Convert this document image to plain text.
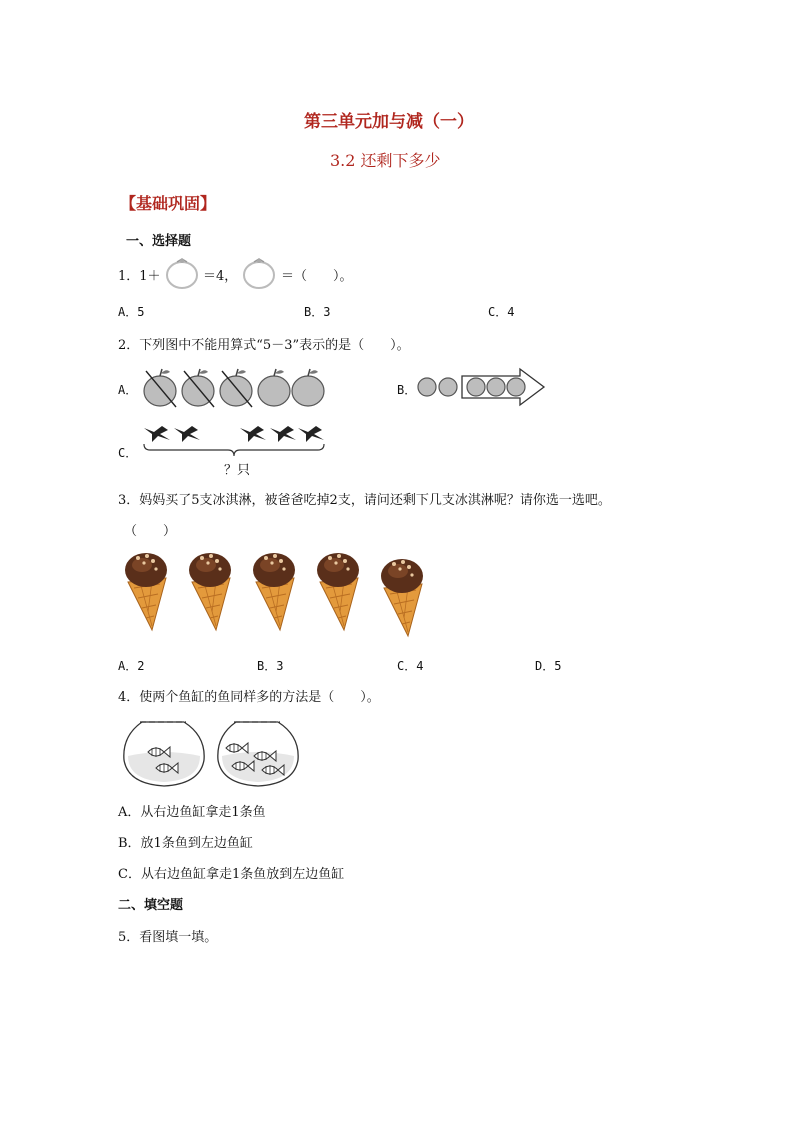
第三单元加与减（一）
3.2 还剩下多少
【基础巩固】
一、选择题
1．1＋	＝4，	＝（　　）。
A．5	B．3	C．4
2．下列图中不能用算式“5－3”表示的是（　　）。
A．	B．
C．
？只
3．妈妈买了5支冰淇淋，被爸爸吃掉2支，请问还剩下几支冰淇淋呢？请你选一选吧。
（　　）
A．2	B．3	C．4	D．5
4．使两个鱼缸的鱼同样多的方法是（　　）。
A．从右边鱼缸拿走1条鱼
B．放1条鱼到左边鱼缸
C．从右边鱼缸拿走1条鱼放到左边鱼缸
二、填空题
5．看图填一填。
